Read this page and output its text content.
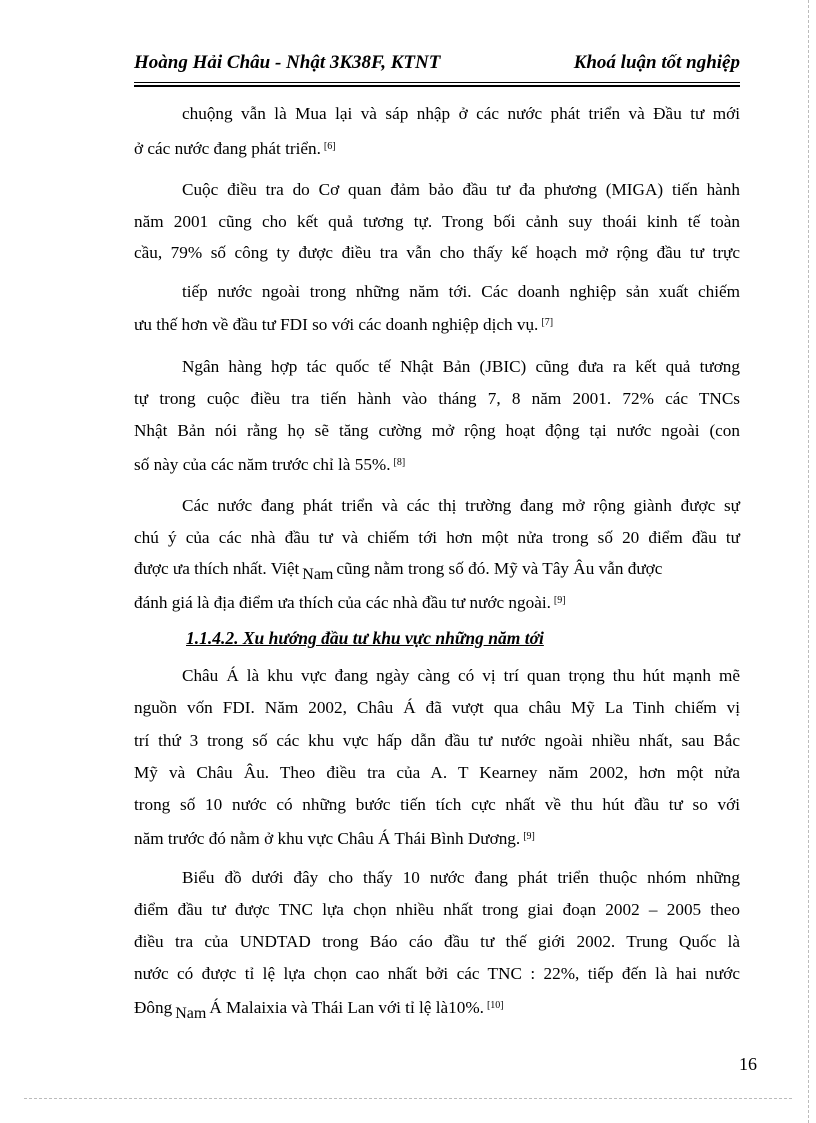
Hoàng Hải Châu - Nhật 3K38F, KTNT	Khoá luận tốt nghiệp
chuộng vẫn là Mua lại và sáp nhập ở các nước phát triển và Đầu tư mới
ở các nước đang phát triển. [6]
Cuộc điều tra do Cơ quan đảm bảo đầu tư đa phương (MIGA) tiến hành
năm 2001 cũng cho kết quả tương tự. Trong bối cảnh suy thoái kinh tế toàn
cầu, 79% số công ty được điều tra vẫn cho thấy kế hoạch mở rộng đầu tư trực
tiếp nước ngoài trong những năm tới. Các doanh nghiệp sản xuất chiếm
ưu thế hơn về đầu tư FDI so với các doanh nghiệp dịch vụ. [7]
Ngân hàng hợp tác quốc tế Nhật Bản (JBIC) cũng đưa ra kết quả tương
tự trong cuộc điều tra tiến hành vào tháng 7, 8 năm 2001. 72% các TNCs
Nhật Bản nói rằng họ sẽ tăng cường mở rộng hoạt động tại nước ngoài (con
số này của các năm trước chỉ là 55%. [8]
Các nước đang phát triển và các thị trường đang mở rộng giành được sự
chú ý của các nhà đầu tư và chiếm tới hơn một nửa trong số 20 điểm đầu tư
được ưa thích nhất. Việt Nam cũng nằm trong số đó. Mỹ và Tây Âu vẫn được
đánh giá là địa điểm ưa thích của các nhà đầu tư nước ngoài. [9]
1.1.4.2. Xu hướng đầu tư khu vực những năm tới
Châu Á là khu vực đang ngày càng có vị trí quan trọng thu hút mạnh mẽ
nguồn vốn FDI. Năm 2002, Châu Á đã vượt qua châu Mỹ La Tinh chiếm vị
trí thứ 3 trong số các khu vực hấp dẫn đầu tư nước ngoài nhiều nhất, sau Bắc
Mỹ và Châu Âu. Theo điều tra của A. T Kearney năm 2002, hơn một nửa
trong số 10 nước có những bước tiến tích cực nhất về thu hút đầu tư so với
năm trước đó nằm ở khu vực Châu Á Thái Bình Dương. [9]
Biểu đồ dưới đây cho thấy 10 nước đang phát triển thuộc nhóm những
điểm đầu tư được TNC lựa chọn nhiều nhất trong giai đoạn 2002 – 2005 theo
điều tra của UNDTAD trong Báo cáo đầu tư thế giới 2002. Trung Quốc là
nước có được tỉ lệ lựa chọn cao nhất bởi các TNC : 22%, tiếp đến là hai nước
Đông Nam Á Malaixia và Thái Lan với tỉ lệ là10%. [10]
16
